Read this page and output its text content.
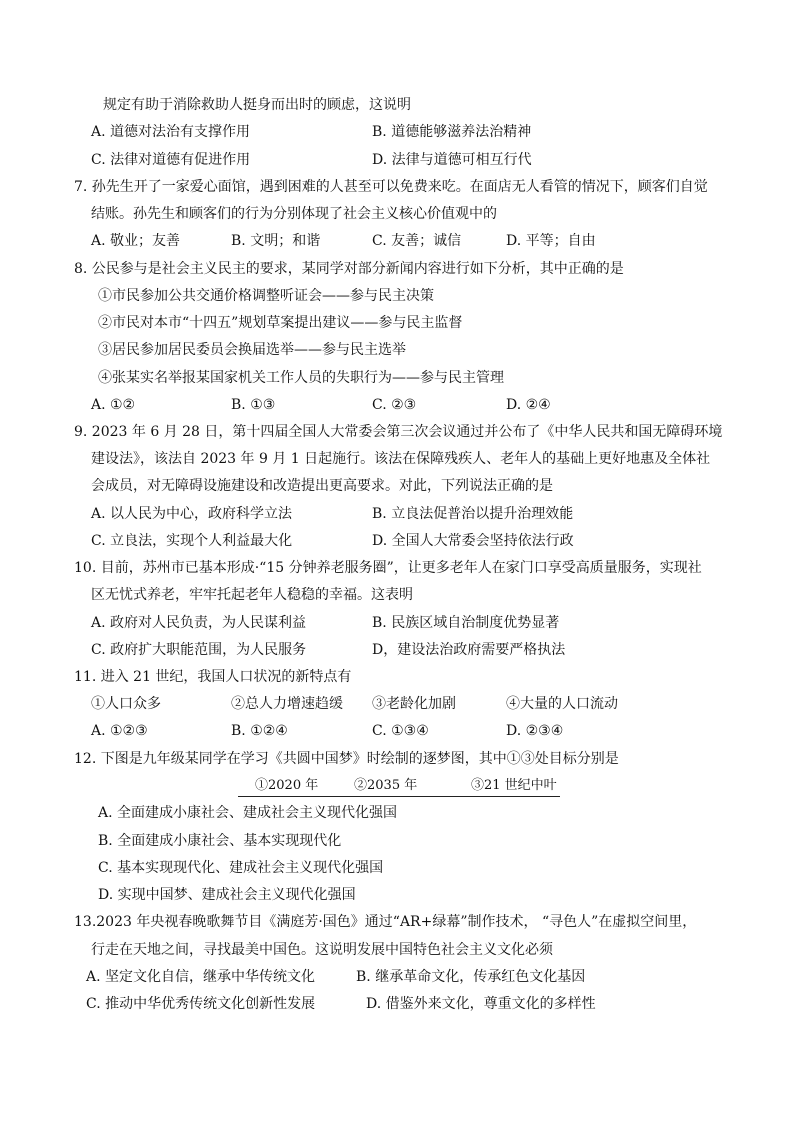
规定有助于消除救助人挺身而出时的顾虑，这说明
A. 道德对法治有支撑作用	B. 道德能够滋养法治精神
C. 法律对道德有促进作用	D. 法律与道德可相互行代
7. 孙先生开了一家爱心面馆，遇到困难的人甚至可以免费来吃。在面店无人看管的情况下，顾客们自觉
结账。孙先生和顾客们的行为分别体现了社会主义核心价值观中的
A. 敬业；友善	B. 文明；和谐	C. 友善；诚信	D. 平等；自由
8. 公民参与是社会主义民主的要求，某同学对部分新闻内容进行如下分析，其中正确的是
①市民参加公共交通价格调整听证会——参与民主决策
②市民对本市“十四五”规划草案提出建议——参与民主监督
③居民参加居民委员会换届选举——参与民主选举
④张某实名举报某国家机关工作人员的失职行为——参与民主管理
A. ①②	B. ①③	C. ②③	D. ②④
9. 2023 年 6 月 28 日，第十四届全国人大常委会第三次会议通过并公布了《中华人民共和国无障碍环境
建设法》，该法自 2023 年 9 月 1 日起施行。该法在保障残疾人、老年人的基础上更好地惠及全体社
会成员，对无障碍设施建设和改造提出更高要求。对此，下列说法正确的是
A. 以人民为中心，政府科学立法	B. 立良法促普治以提升治理效能
C. 立良法，实现个人利益最大化	D. 全国人大常委会坚持依法行政
10. 目前，苏州市已基本形成·“15 分钟养老服务圈”，让更多老年人在家门口享受高质量服务，实现社
区无忧式养老，牢牢托起老年人稳稳的幸福。这表明
A. 政府对人民负责，为人民谋利益	B. 民族区域自治制度优势显著
C. 政府扩大职能范围，为人民服务	D，建设法治政府需要严格执法
11. 进入 21 世纪，我国人口状况的新特点有
①人口众多	②总人力增速趋缓 ③老龄化加剧	④大量的人口流动
A. ①②③	B. ①②④	C. ①③④	D. ②③④
12. 下图是九年级某同学在学习《共圆中国梦》时绘制的逐梦图，其中①③处目标分别是
①2020 年	②2035 年	③21 世纪中叶
A. 全面建成小康社会、建成社会主义现代化强国
B. 全面建成小康社会、基本实现现代化
C. 基本实现现代化、建成社会主义现代化强国
D. 实现中国梦、建成社会主义现代化强国
13.2023 年央视春晚歌舞节目《满庭芳·国色》通过“AR+绿幕”制作技术， “寻色人”在虚拟空间里，
行走在天地之间，寻找最美中国色。这说明发展中国特色社会主义文化必须
A. 坚定文化自信，继承中华传统文化	B. 继承革命文化，传承红色文化基因
C. 推动中华优秀传统文化创新性发展	D. 借鉴外来文化，尊重文化的多样性
